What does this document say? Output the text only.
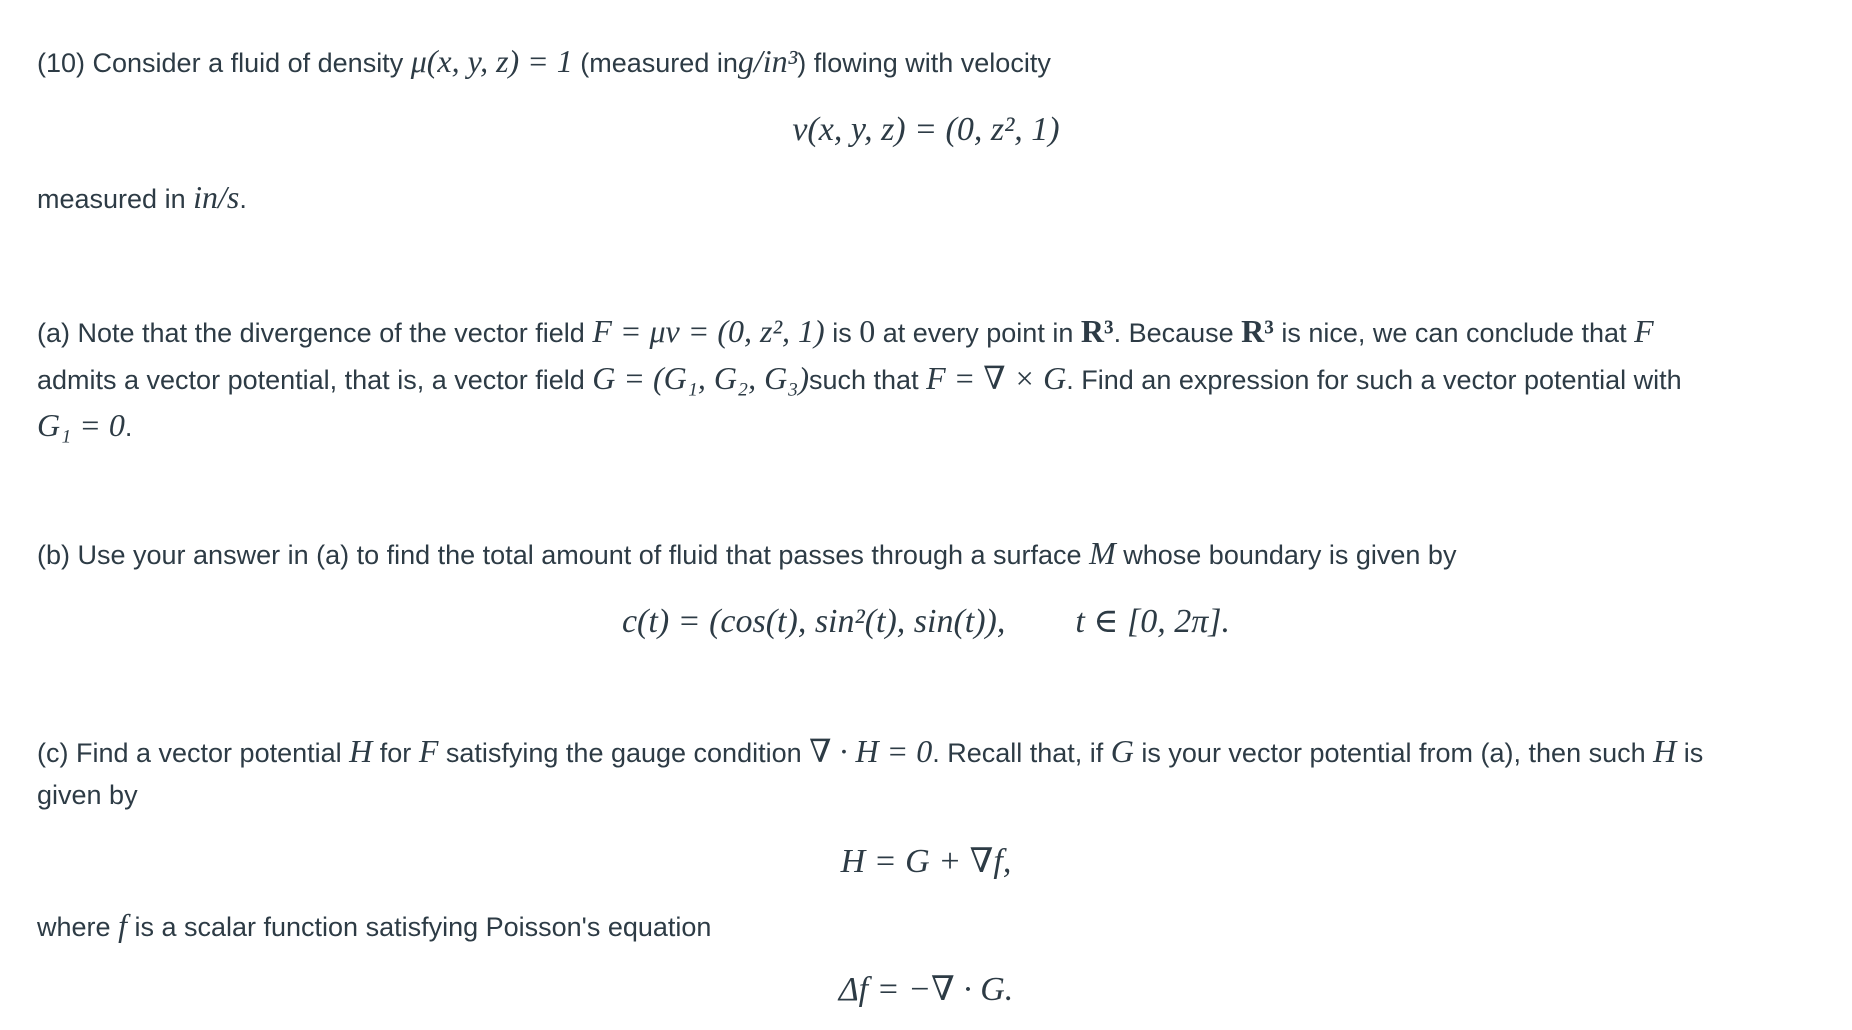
(10) Consider a fluid of density μ(x, y, z) = 1 (measured ing/in³) flowing with velocity
v(x, y, z) = (0, z², 1)
measured in in/s.
(a) Note that the divergence of the vector field F = μv = (0, z², 1) is 0 at every point in R³. Because R³ is nice, we can conclude that F
admits a vector potential, that is, a vector field G = (G₁, G₂, G₃)such that F = ∇ × G. Find an expression for such a vector potential with
G₁ = 0.
(b) Use your answer in (a) to find the total amount of fluid that passes through a surface M whose boundary is given by
c(t) = (cos(t), sin²(t), sin(t)), t ∈ [0, 2π].
(c) Find a vector potential H for F satisfying the gauge condition ∇ · H = 0. Recall that, if G is your vector potential from (a), then such H is
given by
H = G + ∇f,
where f is a scalar function satisfying Poisson's equation
Δf = −∇ · G.
